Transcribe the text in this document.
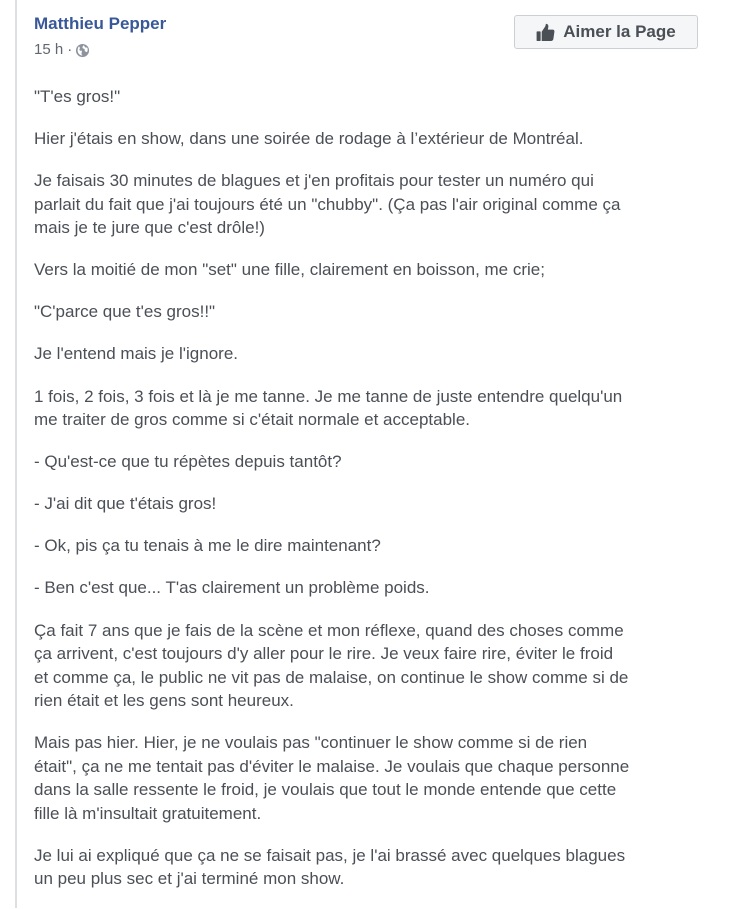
Matthieu Pepper
15 h ·
Aimer la Page

"T'es gros!"

Hier j'étais en show, dans une soirée de rodage à l’extérieur de Montréal.

Je faisais 30 minutes de blagues et j'en profitais pour tester un numéro qui
parlait du fait que j'ai toujours été un "chubby". (Ça pas l'air original comme ça
mais je te jure que c'est drôle!)

Vers la moitié de mon "set" une fille, clairement en boisson, me crie;

"C'parce que t'es gros!!"

Je l'entend mais je l'ignore.

1 fois, 2 fois, 3 fois et là je me tanne. Je me tanne de juste entendre quelqu'un
me traiter de gros comme si c'était normale et acceptable.

- Qu'est-ce que tu répètes depuis tantôt?

- J'ai dit que t'étais gros!

- Ok, pis ça tu tenais à me le dire maintenant?

- Ben c'est que... T'as clairement un problème poids.

Ça fait 7 ans que je fais de la scène et mon réflexe, quand des choses comme
ça arrivent, c'est toujours d'y aller pour le rire. Je veux faire rire, éviter le froid
et comme ça, le public ne vit pas de malaise, on continue le show comme si de
rien était et les gens sont heureux.

Mais pas hier. Hier, je ne voulais pas "continuer le show comme si de rien
était", ça ne me tentait pas d'éviter le malaise. Je voulais que chaque personne
dans la salle ressente le froid, je voulais que tout le monde entende que cette
fille là m'insultait gratuitement.

Je lui ai expliqué que ça ne se faisait pas, je l'ai brassé avec quelques blagues
un peu plus sec et j'ai terminé mon show.
